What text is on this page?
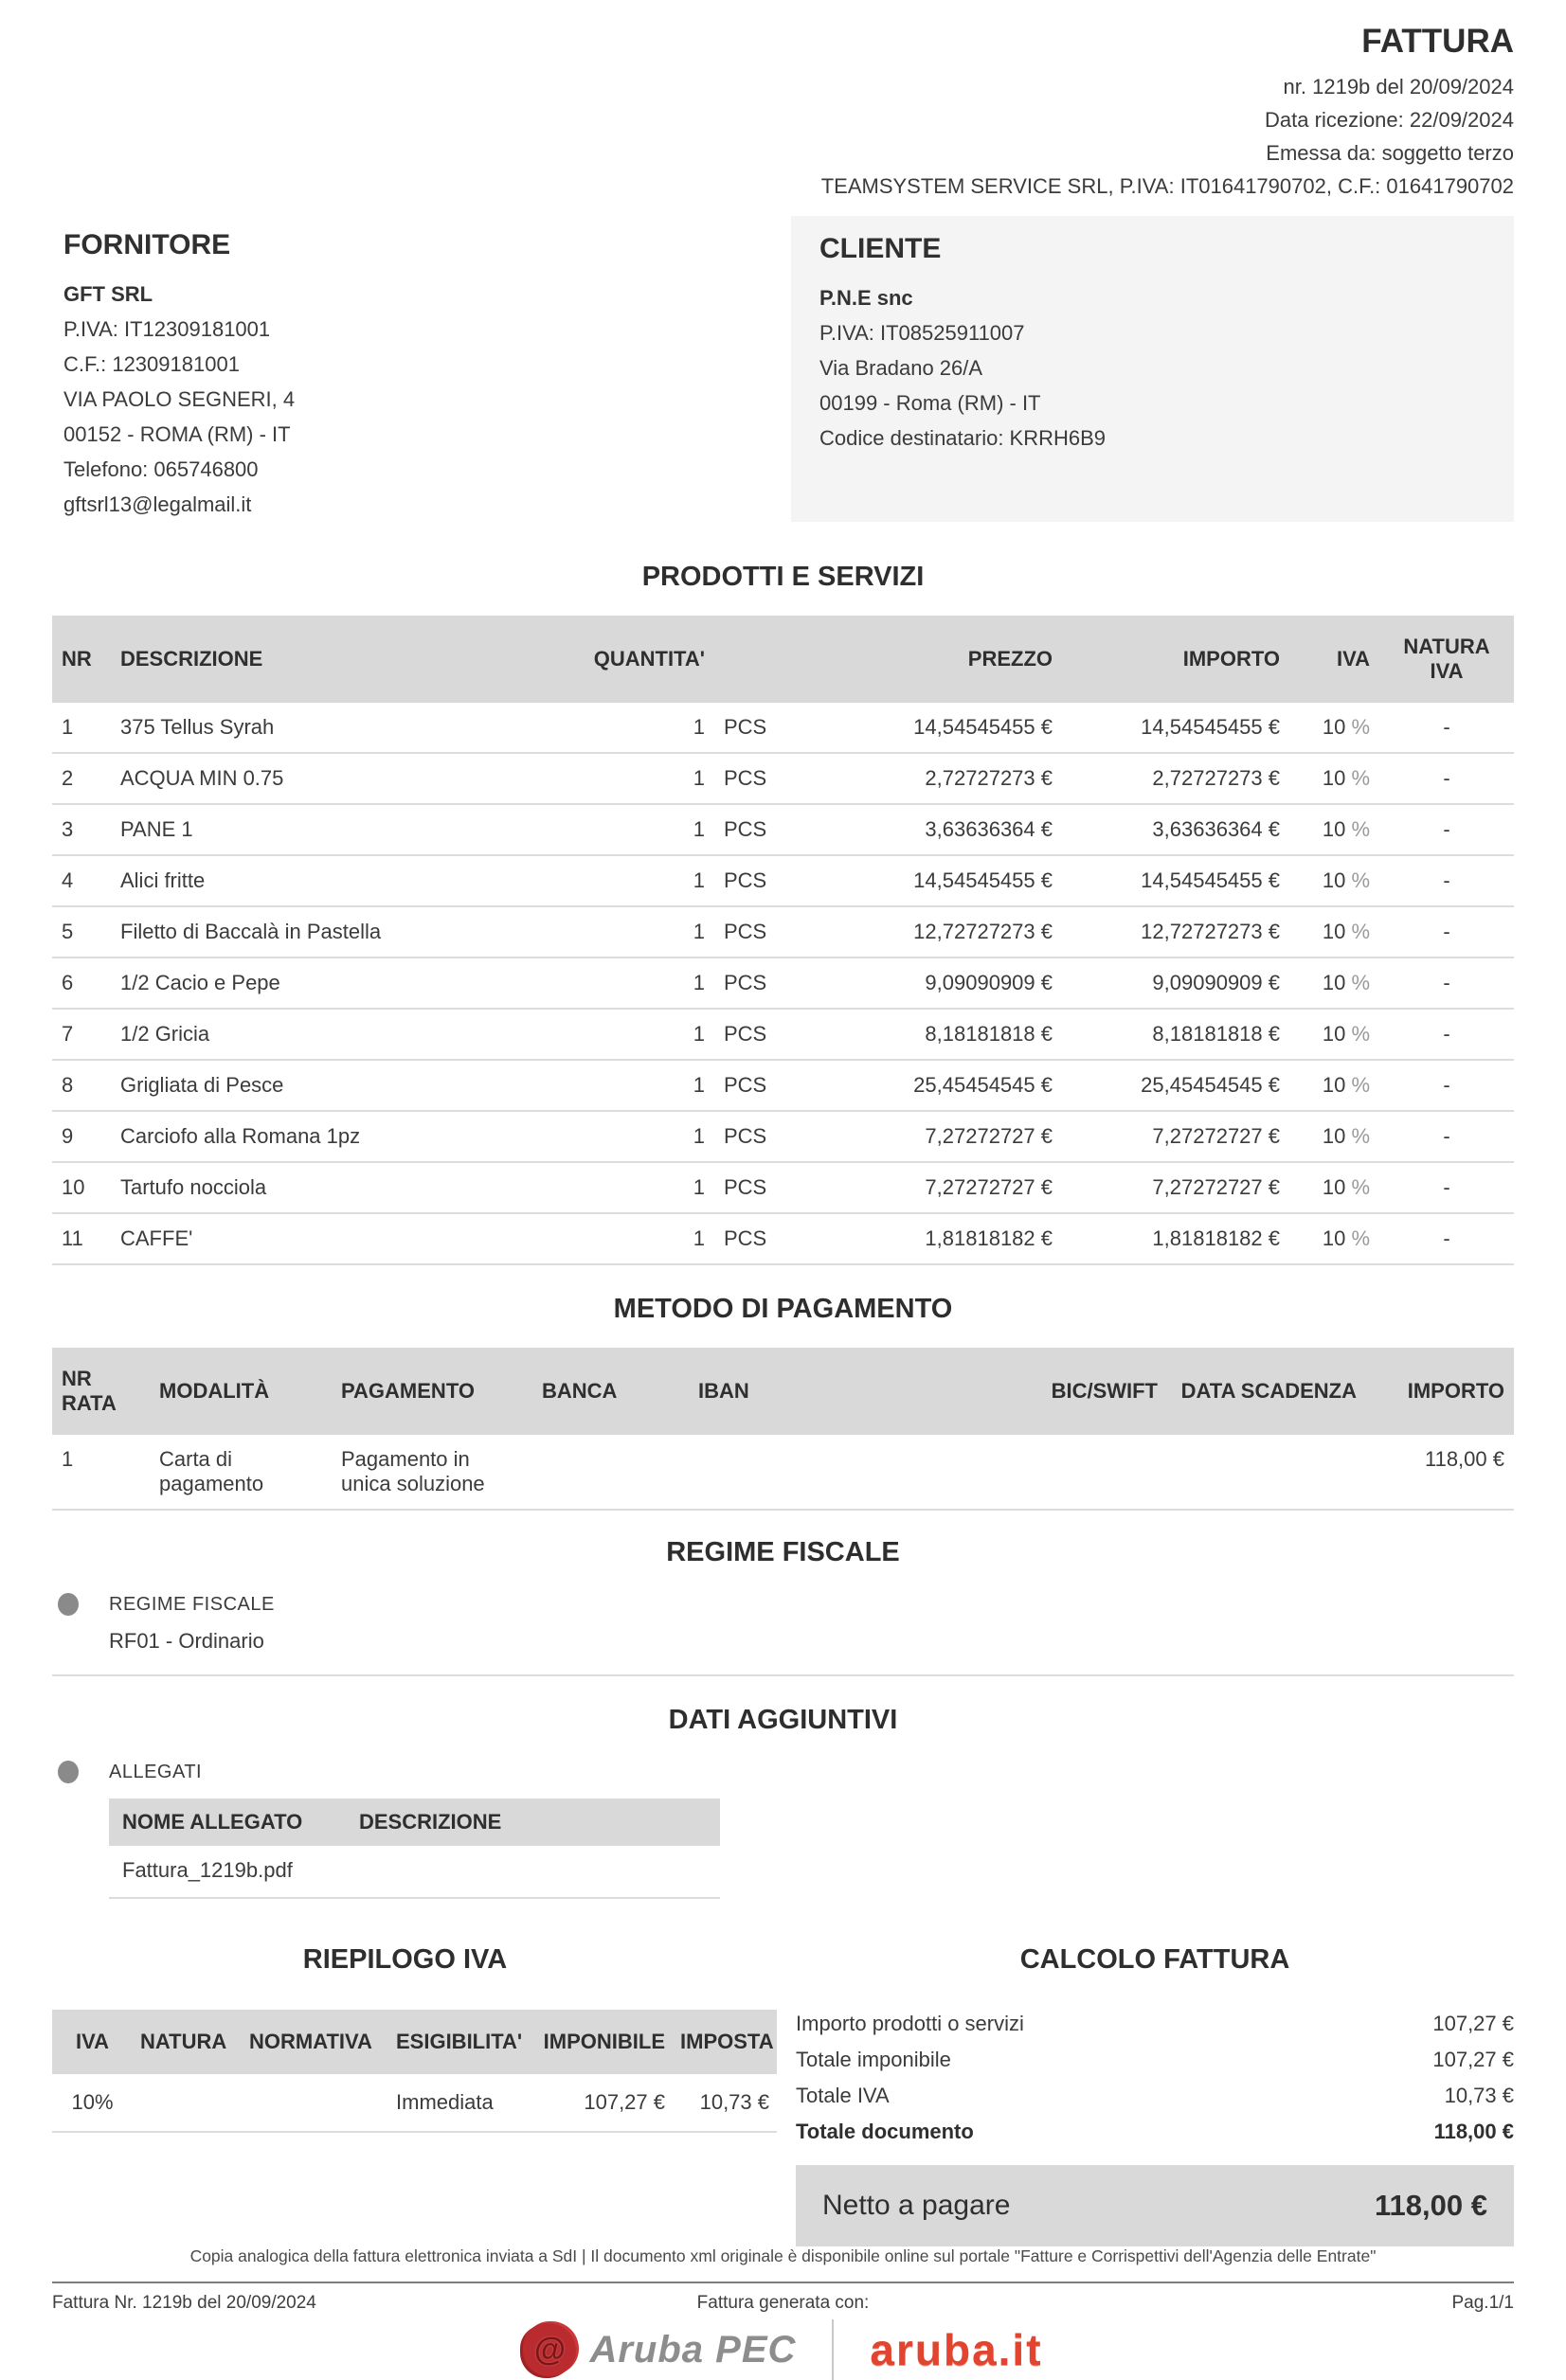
FATTURA
nr. 1219b del 20/09/2024
Data ricezione: 22/09/2024
Emessa da: soggetto terzo
TEAMSYSTEM SERVICE SRL, P.IVA: IT01641790702, C.F.: 01641790702
FORNITORE
GFT SRL
P.IVA: IT12309181001
C.F.: 12309181001
VIA PAOLO SEGNERI, 4
00152 - ROMA (RM) - IT
Telefono: 065746800
gftsrl13@legalmail.it
CLIENTE
P.N.E snc
P.IVA: IT08525911007
Via Bradano 26/A
00199 - Roma (RM) - IT
Codice destinatario: KRRH6B9
PRODOTTI E SERVIZI
NR	DESCRIZIONE	QUANTITA'		PREZZO	IMPORTO	IVA	NATURA IVA
1	375 Tellus Syrah	1	PCS	14,54545455 €	14,54545455 €	10 %	-
2	ACQUA MIN 0.75	1	PCS	2,72727273 €	2,72727273 €	10 %	-
3	PANE 1	1	PCS	3,63636364 €	3,63636364 €	10 %	-
4	Alici fritte	1	PCS	14,54545455 €	14,54545455 €	10 %	-
5	Filetto di Baccalà in Pastella	1	PCS	12,72727273 €	12,72727273 €	10 %	-
6	1/2 Cacio e Pepe	1	PCS	9,09090909 €	9,09090909 €	10 %	-
7	1/2 Gricia	1	PCS	8,18181818 €	8,18181818 €	10 %	-
8	Grigliata di Pesce	1	PCS	25,45454545 €	25,45454545 €	10 %	-
9	Carciofo alla Romana 1pz	1	PCS	7,27272727 €	7,27272727 €	10 %	-
10	Tartufo nocciola	1	PCS	7,27272727 €	7,27272727 €	10 %	-
11	CAFFE'	1	PCS	1,81818182 €	1,81818182 €	10 %	-
METODO DI PAGAMENTO
NR RATA	MODALITÀ	PAGAMENTO	BANCA	IBAN	BIC/SWIFT	DATA SCADENZA	IMPORTO
1	Carta di pagamento	Pagamento in unica soluzione					118,00 €
REGIME FISCALE
REGIME FISCALE
RF01 - Ordinario
DATI AGGIUNTIVI
ALLEGATI
NOME ALLEGATO	DESCRIZIONE
Fattura_1219b.pdf	
RIEPILOGO IVA
IVA	NATURA	NORMATIVA	ESIGIBILITA'	IMPONIBILE	IMPOSTA
10%			Immediata	107,27 €	10,73 €
CALCOLO FATTURA
Importo prodotti o servizi	107,27 €
Totale imponibile	107,27 €
Totale IVA	10,73 €
Totale documento	118,00 €
Netto a pagare	118,00 €
Copia analogica della fattura elettronica inviata a SdI | Il documento xml originale è disponibile online sul portale "Fatture e Corrispettivi dell'Agenzia delle Entrate"
Fattura Nr. 1219b del 20/09/2024	Fattura generata con:	Pag.1/1
@ Aruba PEC aruba.it
